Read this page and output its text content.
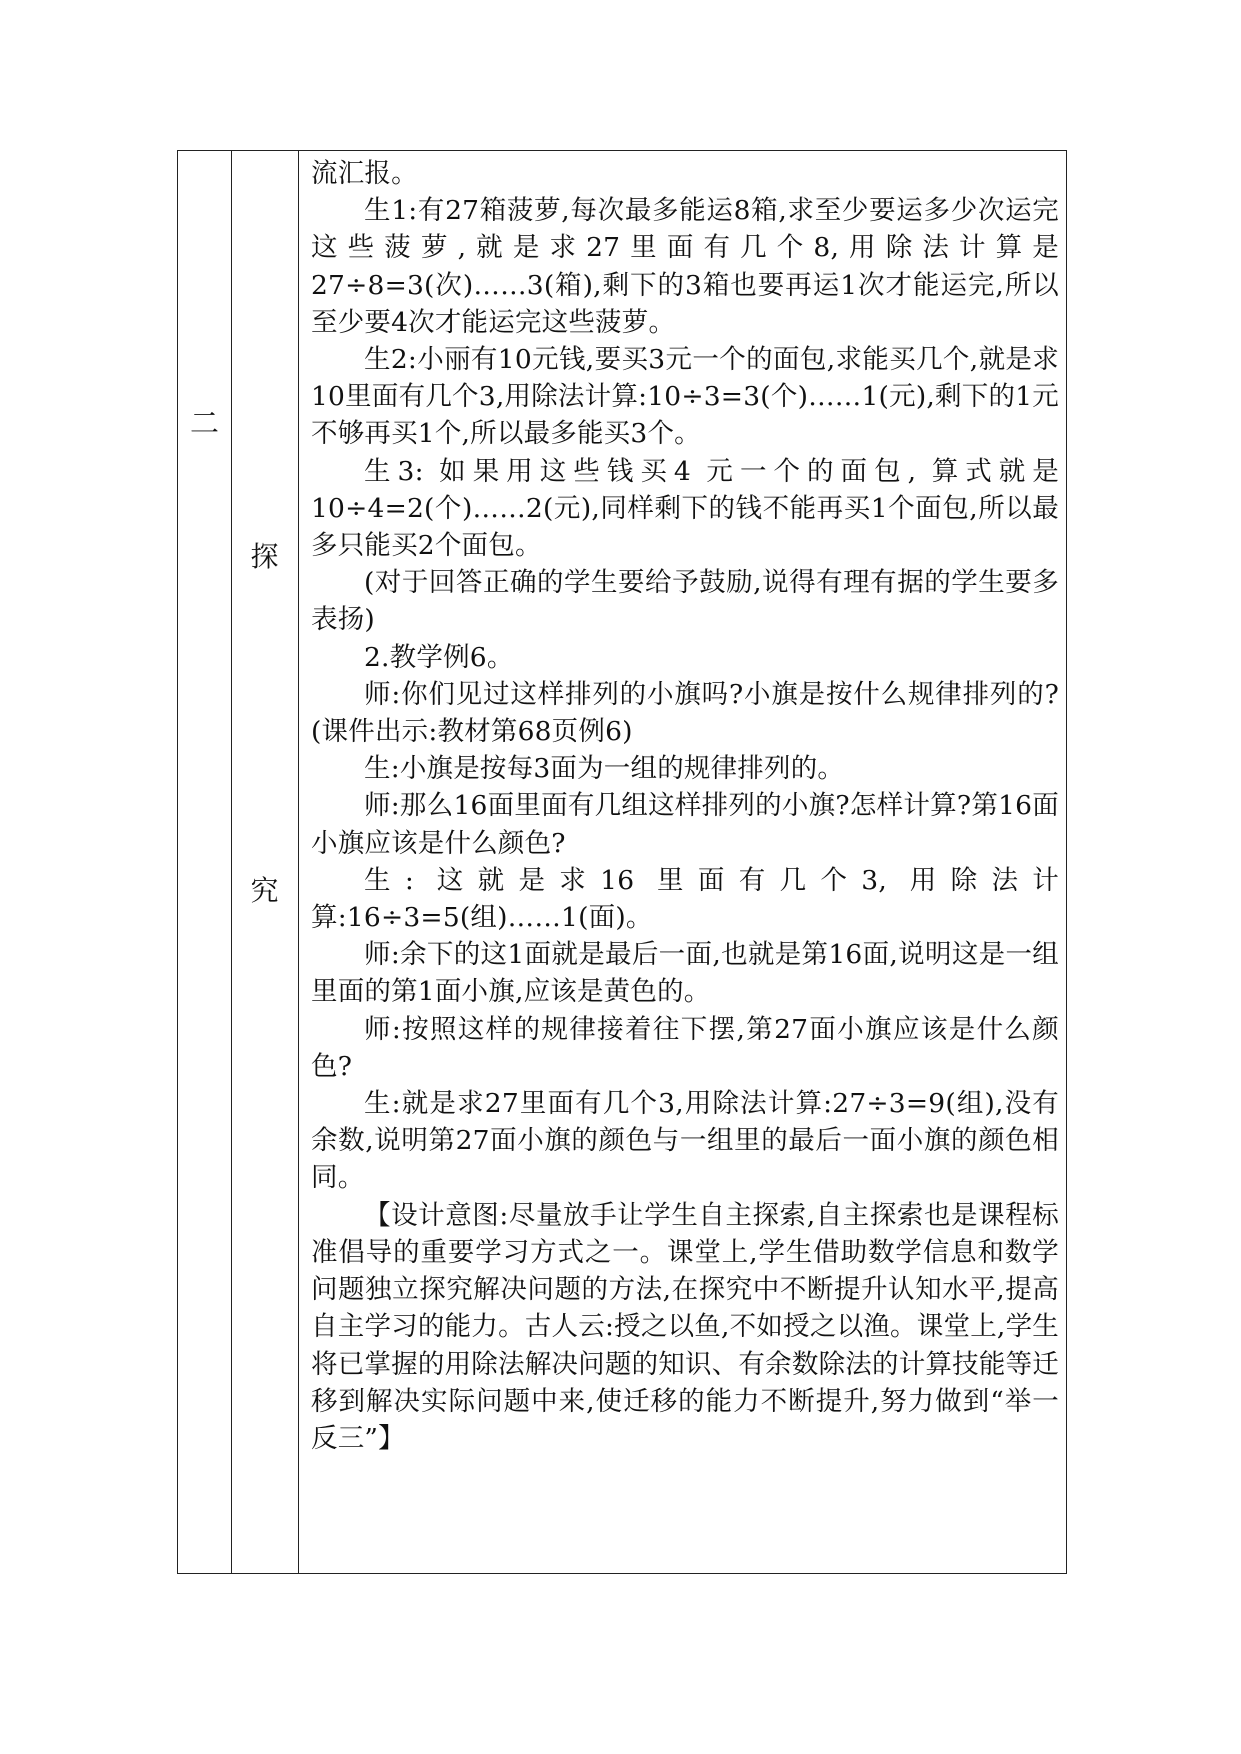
二
探
究

流汇报。

生1:有27箱菠萝,每次最多能运8箱,求至少要运多少次运完这些菠萝,就是求27里面有几个8,用除法计算是27÷8=3(次)……3(箱),剩下的3箱也要再运1次才能运完,所以至少要4次才能运完这些菠萝。

生2:小丽有10元钱,要买3元一个的面包,求能买几个,就是求10里面有几个3,用除法计算:10÷3=3(个)……1(元),剩下的1元不够再买1个,所以最多能买3个。

生3: 如果用这些钱买4 元一个的面包, 算式就是10÷4=2(个)……2(元),同样剩下的钱不能再买1个面包,所以最多只能买2个面包。

(对于回答正确的学生要给予鼓励,说得有理有据的学生要多表扬)

2.教学例6。

师:你们见过这样排列的小旗吗?小旗是按什么规律排列的?(课件出示:教材第68页例6)

生:小旗是按每3面为一组的规律排列的。

师:那么16面里面有几组这样排列的小旗?怎样计算?第16面小旗应该是什么颜色?

生: 这就是求16 里面有几个3, 用除法计算:16÷3=5(组)……1(面)。

师:余下的这1面就是最后一面,也就是第16面,说明这是一组里面的第1面小旗,应该是黄色的。

师:按照这样的规律接着往下摆,第27面小旗应该是什么颜色?

生:就是求27里面有几个3,用除法计算:27÷3=9(组),没有余数,说明第27面小旗的颜色与一组里的最后一面小旗的颜色相同。

【设计意图:尽量放手让学生自主探索,自主探索也是课程标准倡导的重要学习方式之一。课堂上,学生借助数学信息和数学问题独立探究解决问题的方法,在探究中不断提升认知水平,提高自主学习的能力。古人云:授之以鱼,不如授之以渔。课堂上,学生将已掌握的用除法解决问题的知识、有余数除法的计算技能等迁移到解决实际问题中来,使迁移的能力不断提升,努力做到“举一反三”】
